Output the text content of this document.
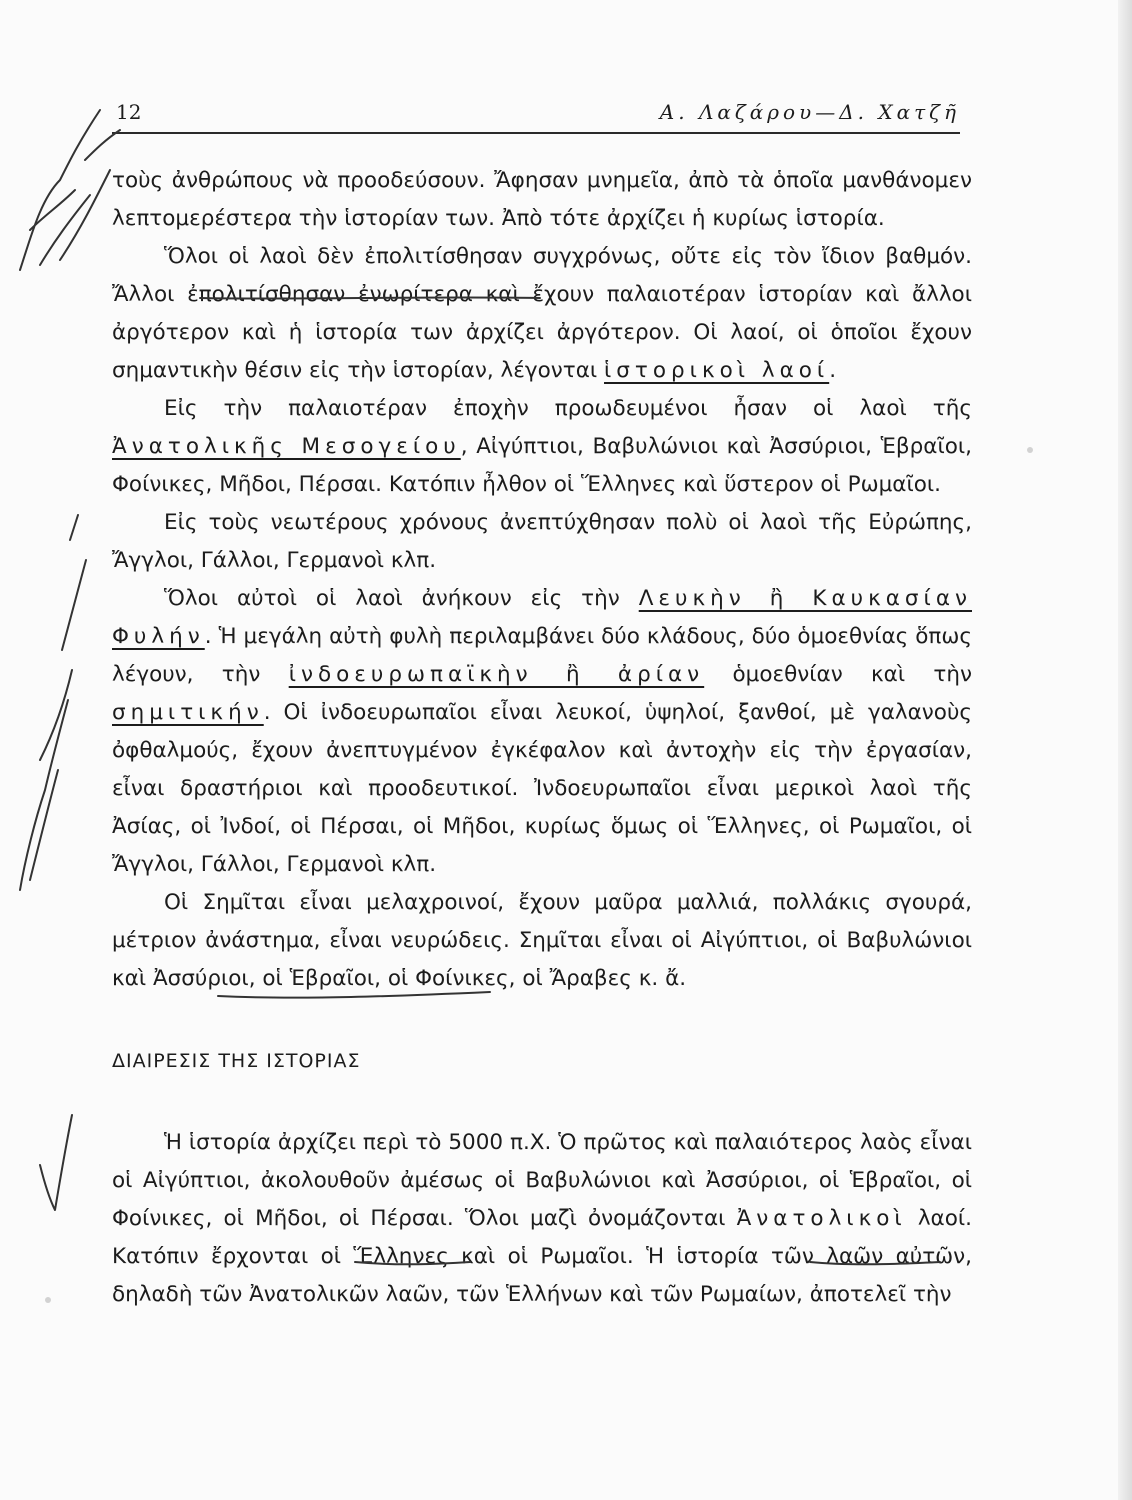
12	Α. Λαζάρου—Δ. Χατζῆ

τοὺς ἀνθρώπους νὰ προοδεύσουν. Ἄφησαν μνημεῖα, ἀπὸ τὰ ὁποῖα μανθάνομεν λεπτομερέστερα τὴν ἱστορίαν των. Ἀπὸ τότε ἀρχίζει ἡ κυρίως ἱστορία.

Ὅλοι οἱ λαοὶ δὲν ἐπολιτίσθησαν συγχρόνως, οὔτε εἰς τὸν ἴδιον βαθμόν. Ἄλλοι ἐπολιτίσθησαν ἐνωρίτερα καὶ ἔχουν παλαιοτέραν ἱστορίαν καὶ ἄλλοι ἀργότερον καὶ ἡ ἱστορία των ἀρχίζει ἀργότερον. Οἱ λαοί, οἱ ὁποῖοι ἔχουν σημαντικὴν θέσιν εἰς τὴν ἱστορίαν, λέγονται ἱστορικοὶ λαοί.

Εἰς τὴν παλαιοτέραν ἐποχὴν προωδευμένοι ἦσαν οἱ λαοὶ τῆς Ἀνατολικῆς Μεσογείου, Αἰγύπτιοι, Βαβυλώνιοι καὶ Ἀσσύριοι, Ἑβραῖοι, Φοίνικες, Μῆδοι, Πέρσαι. Κατόπιν ἦλθον οἱ Ἕλληνες καὶ ὕστερον οἱ Ρωμαῖοι.

Εἰς τοὺς νεωτέρους χρόνους ἀνεπτύχθησαν πολὺ οἱ λαοὶ τῆς Εὐρώπης, Ἄγγλοι, Γάλλοι, Γερμανοὶ κλπ.

Ὅλοι αὐτοὶ οἱ λαοὶ ἀνήκουν εἰς τὴν Λευκὴν ἢ Καυκασίαν Φυλήν. Ἡ μεγάλη αὐτὴ φυλὴ περιλαμβάνει δύο κλάδους, δύο ὁμοεθνίας ὅπως λέγουν, τὴν ἰνδοευρωπαϊκὴν ἢ ἀρίαν ὁμοεθνίαν καὶ τὴν σημιτικήν. Οἱ ἰνδοευρωπαῖοι εἶναι λευκοί, ὑψηλοί, ξανθοί, μὲ γαλανοὺς ὀφθαλμούς, ἔχουν ἀνεπτυγμένον ἐγκέφαλον καὶ ἀντοχὴν εἰς τὴν ἐργασίαν, εἶναι δραστήριοι καὶ προοδευτικοί. Ἰνδοευρωπαῖοι εἶναι μερικοὶ λαοὶ τῆς Ἀσίας, οἱ Ἰνδοί, οἱ Πέρσαι, οἱ Μῆδοι, κυρίως ὅμως οἱ Ἕλληνες, οἱ Ρωμαῖοι, οἱ Ἄγγλοι, Γάλλοι, Γερμανοὶ κλπ.

Οἱ Σημῖται εἶναι μελαχροινοί, ἔχουν μαῦρα μαλλιά, πολλάκις σγουρά, μέτριον ἀνάστημα, εἶναι νευρώδεις. Σημῖται εἶναι οἱ Αἰγύπτιοι, οἱ Βαβυλώνιοι καὶ Ἀσσύριοι, οἱ Ἑβραῖοι, οἱ Φοίνικες, οἱ Ἄραβες κ. ἄ.

ΔΙΑΙΡΕΣΙΣ ΤΗΣ ΙΣΤΟΡΙΑΣ

Ἡ ἱστορία ἀρχίζει περὶ τὸ 5000 π.Χ. Ὁ πρῶτος καὶ παλαιότερος λαὸς εἶναι οἱ Αἰγύπτιοι, ἀκολουθοῦν ἀμέσως οἱ Βαβυλώνιοι καὶ Ἀσσύριοι, οἱ Ἑβραῖοι, οἱ Φοίνικες, οἱ Μῆδοι, οἱ Πέρσαι. Ὅλοι μαζὶ ὀνομάζονται Ἀνατολικοὶ λαοί. Κατόπιν ἔρχονται οἱ Ἕλληνες καὶ οἱ Ρωμαῖοι. Ἡ ἱστορία τῶν λαῶν αὐτῶν, δηλαδὴ τῶν Ἀνατολικῶν λαῶν, τῶν Ἑλλήνων καὶ τῶν Ρωμαίων, ἀποτελεῖ τὴν
